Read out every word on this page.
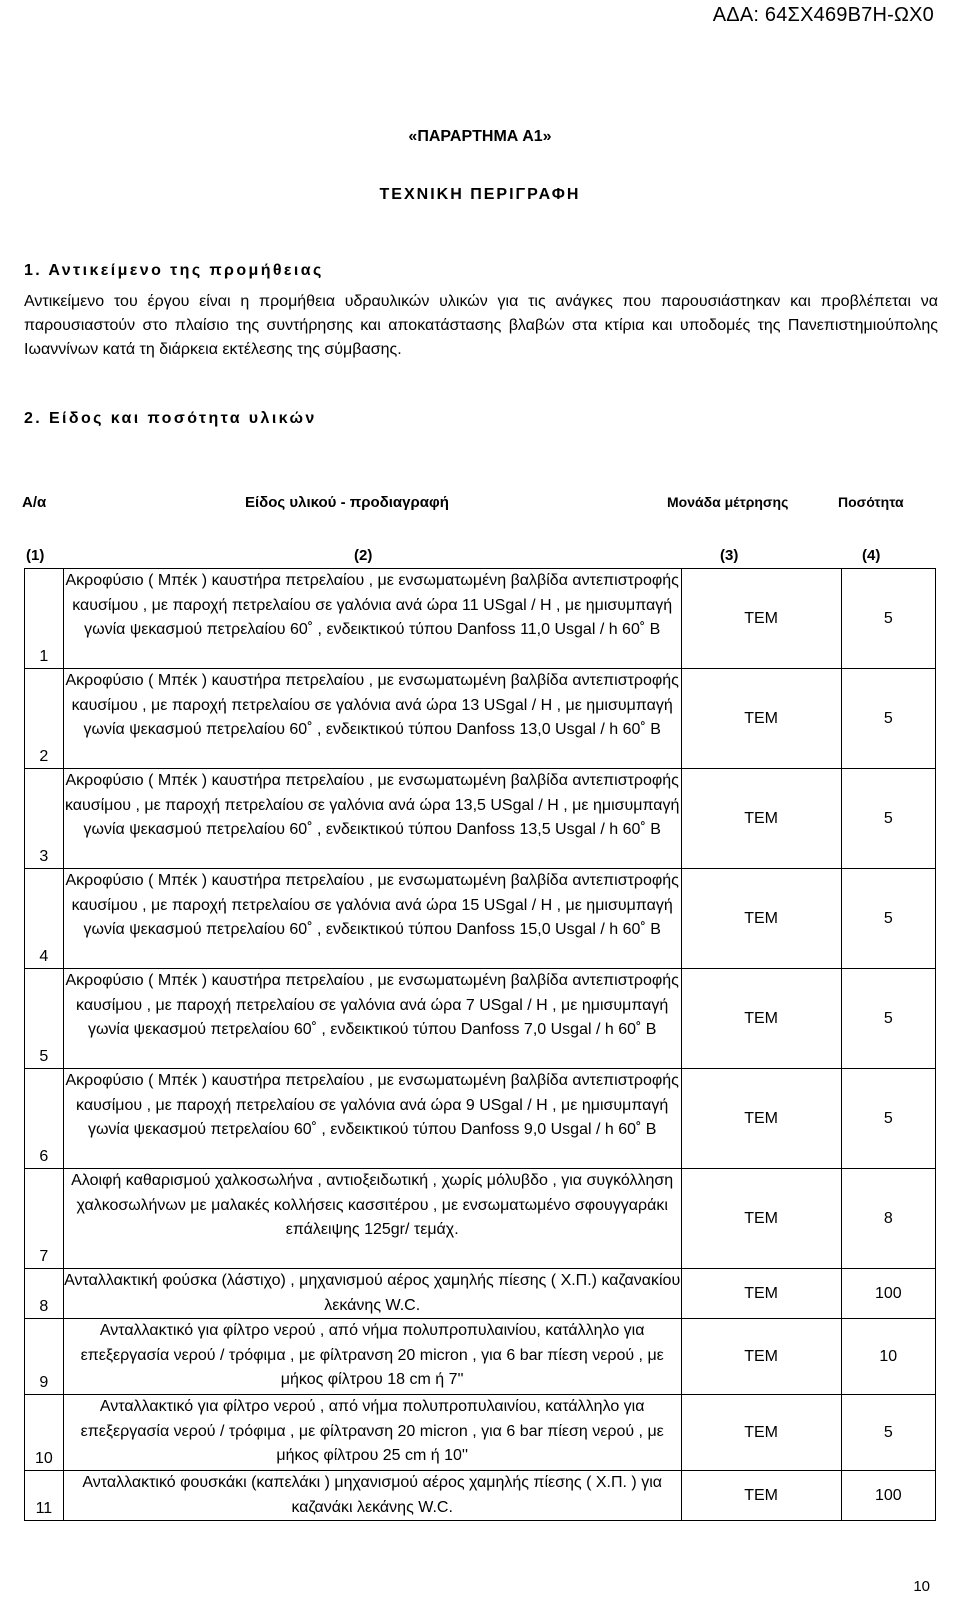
ΑΔΑ: 64ΣΧ469Β7Η-ΩΧ0
«ΠΑΡΑΡΤΗΜΑ Α1»
ΤΕΧΝΙΚΗ ΠΕΡΙΓΡΑΦΗ
1. Αντικείμενο της προμήθειας
Αντικείμενο του έργου είναι η προμήθεια υδραυλικών υλικών για τις ανάγκες που παρουσιάστηκαν και προβλέπεται να παρουσιαστούν στο πλαίσιο της συντήρησης και αποκατάστασης βλαβών στα κτίρια και υποδομές της Πανεπιστημιούπολης Ιωαννίνων κατά τη διάρκεια εκτέλεσης της σύμβασης.
2. Είδος και ποσότητα υλικών
Α/α	Είδος υλικού - προδιαγραφή	Μονάδα μέτρησης	Ποσότητα
(1)	(2)	(3)	(4)
1	Ακροφύσιο ( Μπέκ ) καυστήρα πετρελαίου , με ενσωματωμένη βαλβίδα αντεπιστροφής καυσίμου , με παροχή πετρελαίου σε γαλόνια ανά ώρα 11 USgal / H , με ημισυμπαγή γωνία ψεκασμού πετρελαίου 60˚ , ενδεικτικού τύπου Danfoss 11,0 Usgal / h 60˚ B	ΤΕΜ	5

2	Ακροφύσιο ( Μπέκ ) καυστήρα πετρελαίου , με ενσωματωμένη βαλβίδα αντεπιστροφής καυσίμου , με παροχή πετρελαίου σε γαλόνια ανά ώρα 13 USgal / H , με ημισυμπαγή γωνία ψεκασμού πετρελαίου 60˚ , ενδεικτικού τύπου Danfoss 13,0 Usgal / h 60˚ B	ΤΕΜ	5

3	Ακροφύσιο ( Μπέκ ) καυστήρα πετρελαίου , με ενσωματωμένη βαλβίδα αντεπιστροφής καυσίμου , με παροχή πετρελαίου σε γαλόνια ανά ώρα 13,5 USgal / H , με ημισυμπαγή γωνία ψεκασμού πετρελαίου 60˚ , ενδεικτικού τύπου Danfoss 13,5 Usgal / h 60˚ B	ΤΕΜ	5

4	Ακροφύσιο ( Μπέκ ) καυστήρα πετρελαίου , με ενσωματωμένη βαλβίδα αντεπιστροφής καυσίμου , με παροχή πετρελαίου σε γαλόνια ανά ώρα 15 USgal / H , με ημισυμπαγή γωνία ψεκασμού πετρελαίου 60˚ , ενδεικτικού τύπου Danfoss 15,0 Usgal / h 60˚ B	ΤΕΜ	5

5	Ακροφύσιο ( Μπέκ ) καυστήρα πετρελαίου , με ενσωματωμένη βαλβίδα αντεπιστροφής καυσίμου , με παροχή πετρελαίου σε γαλόνια ανά ώρα 7 USgal / H , με ημισυμπαγή γωνία ψεκασμού πετρελαίου 60˚ , ενδεικτικού τύπου Danfoss 7,0 Usgal / h 60˚ B	ΤΕΜ	5

6	Ακροφύσιο ( Μπέκ ) καυστήρα πετρελαίου , με ενσωματωμένη βαλβίδα αντεπιστροφής καυσίμου , με παροχή πετρελαίου σε γαλόνια ανά ώρα 9 USgal / H , με ημισυμπαγή γωνία ψεκασμού πετρελαίου 60˚ , ενδεικτικού τύπου Danfoss 9,0 Usgal / h 60˚ B	ΤΕΜ	5

7	Αλοιφή καθαρισμού χαλκοσωλήνα , αντιοξειδωτική , χωρίς μόλυβδο , για συγκόλληση χαλκοσωλήνων με μαλακές κολλήσεις κασσιτέρου , με ενσωματωμένο σφουγγαράκι επάλειψης 125gr/ τεμάχ.	ΤΕΜ	8

8	Ανταλλακτική φούσκα (λάστιχο) , μηχανισμού αέρος χαμηλής πίεσης ( Χ.Π.) καζανακίου λεκάνης W.C.	ΤΕΜ	100

9	Ανταλλακτικό για φίλτρο νερού , από νήμα πολυπροπυλαινίου, κατάλληλο για επεξεργασία νερού / τρόφιμα , με φίλτρανση 20 micron , για 6 bar πίεση νερού , με μήκος φίλτρου 18 cm ή 7''	ΤΕΜ	10

10	Ανταλλακτικό για φίλτρο νερού , από νήμα πολυπροπυλαινίου, κατάλληλο για επεξεργασία νερού / τρόφιμα , με φίλτρανση 20 micron , για 6 bar πίεση νερού , με μήκος φίλτρου 25 cm ή 10''	ΤΕΜ	5

11	Ανταλλακτικό φουσκάκι (καπελάκι ) μηχανισμού αέρος χαμηλής πίεσης ( Χ.Π. ) για καζανάκι λεκάνης W.C.	ΤΕΜ	100
10
